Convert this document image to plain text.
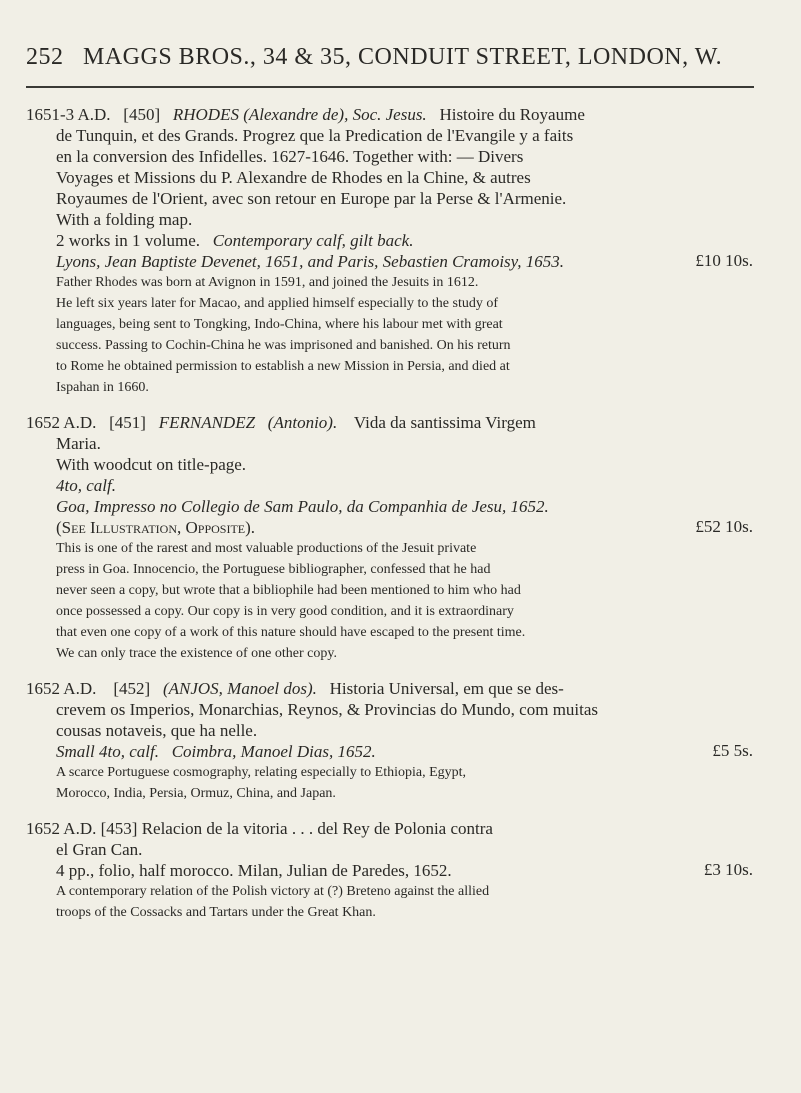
252 MAGGS BROS., 34 & 35, CONDUIT STREET, LONDON, W.
1651-3 A.D. [450] RHODES (Alexandre de), Soc. Jesus. Histoire du Royaume
de Tunquin, et des Grands. Progrez que la Predication de l'Evangile y a faits
en la conversion des Infidelles. 1627-1646. Together with: — Divers
Voyages et Missions du P. Alexandre de Rhodes en la Chine, & autres
Royaumes de l'Orient, avec son retour en Europe par la Perse & l'Armenie.
With a folding map.
2 works in 1 volume. Contemporary calf, gilt back.
Lyons, Jean Baptiste Devenet, 1651, and Paris, Sebastien Cramoisy, 1653.	£10 10s.
Father Rhodes was born at Avignon in 1591, and joined the Jesuits in 1612.
He left six years later for Macao, and applied himself especially to the study of
languages, being sent to Tongking, Indo-China, where his labour met with great
success. Passing to Cochin-China he was imprisoned and banished. On his return
to Rome he obtained permission to establish a new Mission in Persia, and died at
Ispahan in 1660.
1652 A.D. [451] FERNANDEZ (Antonio). Vida da santissima Virgem
Maria.
With woodcut on title-page.
4to, calf.
Goa, Impresso no Collegio de Sam Paulo, da Companhia de Jesu, 1652.
(See Illustration, Opposite).	£52 10s.
This is one of the rarest and most valuable productions of the Jesuit private
press in Goa. Innocencio, the Portuguese bibliographer, confessed that he had
never seen a copy, but wrote that a bibliophile had been mentioned to him who had
once possessed a copy. Our copy is in very good condition, and it is extraordinary
that even one copy of a work of this nature should have escaped to the present time.
We can only trace the existence of one other copy.
1652 A.D. [452] (ANJOS, Manoel dos). Historia Universal, em que se des-
crevem os Imperios, Monarchias, Reynos, & Provincias do Mundo, com muitas
cousas notaveis, que ha nelle.
Small 4to, calf. Coimbra, Manoel Dias, 1652.	£5 5s.
A scarce Portuguese cosmography, relating especially to Ethiopia, Egypt,
Morocco, India, Persia, Ormuz, China, and Japan.
1652 A.D. [453] Relacion de la vitoria . . . del Rey de Polonia contra
el Gran Can.
4 pp., folio, half morocco. Milan, Julian de Paredes, 1652.	£3 10s.
A contemporary relation of the Polish victory at (?) Breteno against the allied
troops of the Cossacks and Tartars under the Great Khan.
